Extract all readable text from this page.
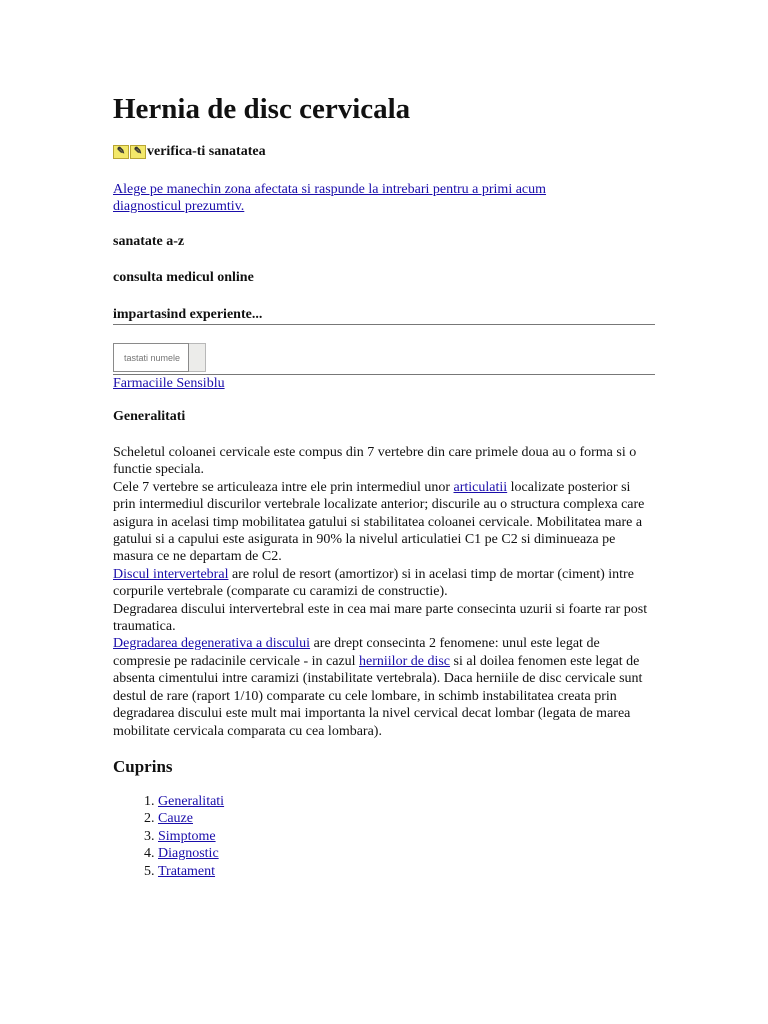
Hernia de disc cervicala
✎ ✎ verifica-ti sanatatea
Alege pe manechin zona afectata si raspunde la intrebari pentru a primi acum diagnosticul prezumtiv.
sanatate a-z
consulta medicul online
impartasind experiente...
tastati numele
Farmaciile Sensiblu
Generalitati

Scheletul coloanei cervicale este compus din 7 vertebre din care primele doua au o forma si o functie speciala.

Cele 7 vertebre se articuleaza intre ele prin intermediul unor articulatii localizate posterior si prin intermediul discurilor vertebrale localizate anterior; discurile au o structura complexa care asigura in acelasi timp mobilitatea gatului si stabilitatea coloanei cervicale. Mobilitatea mare a gatului si a capului este asigurata in 90% la nivelul articulatiei C1 pe C2 si diminueaza pe masura ce ne departam de C2.

Discul intervertebral are rolul de resort (amortizor) si in acelasi timp de mortar (ciment) intre corpurile vertebrale (comparate cu caramizi de constructie).

Degradarea discului intervertebral este in cea mai mare parte consecinta uzurii si foarte rar post traumatica.

Degradarea degenerativa a discului are drept consecinta 2 fenomene: unul este legat de compresie pe radacinile cervicale - in cazul herniilor de disc si al doilea fenomen este legat de absenta cimentului intre caramizi (instabilitate vertebrala). Daca herniile de disc cervicale sunt destul de rare (raport 1/10) comparate cu cele lombare, in schimb instabilitatea creata prin degradarea discului este mult mai importanta la nivel cervical decat lombar (legata de marea mobilitate cervicala comparata cu cea lombara).

Cuprins
1. Generalitati
2. Cauze
3. Simptome
4. Diagnostic
5. Tratament
